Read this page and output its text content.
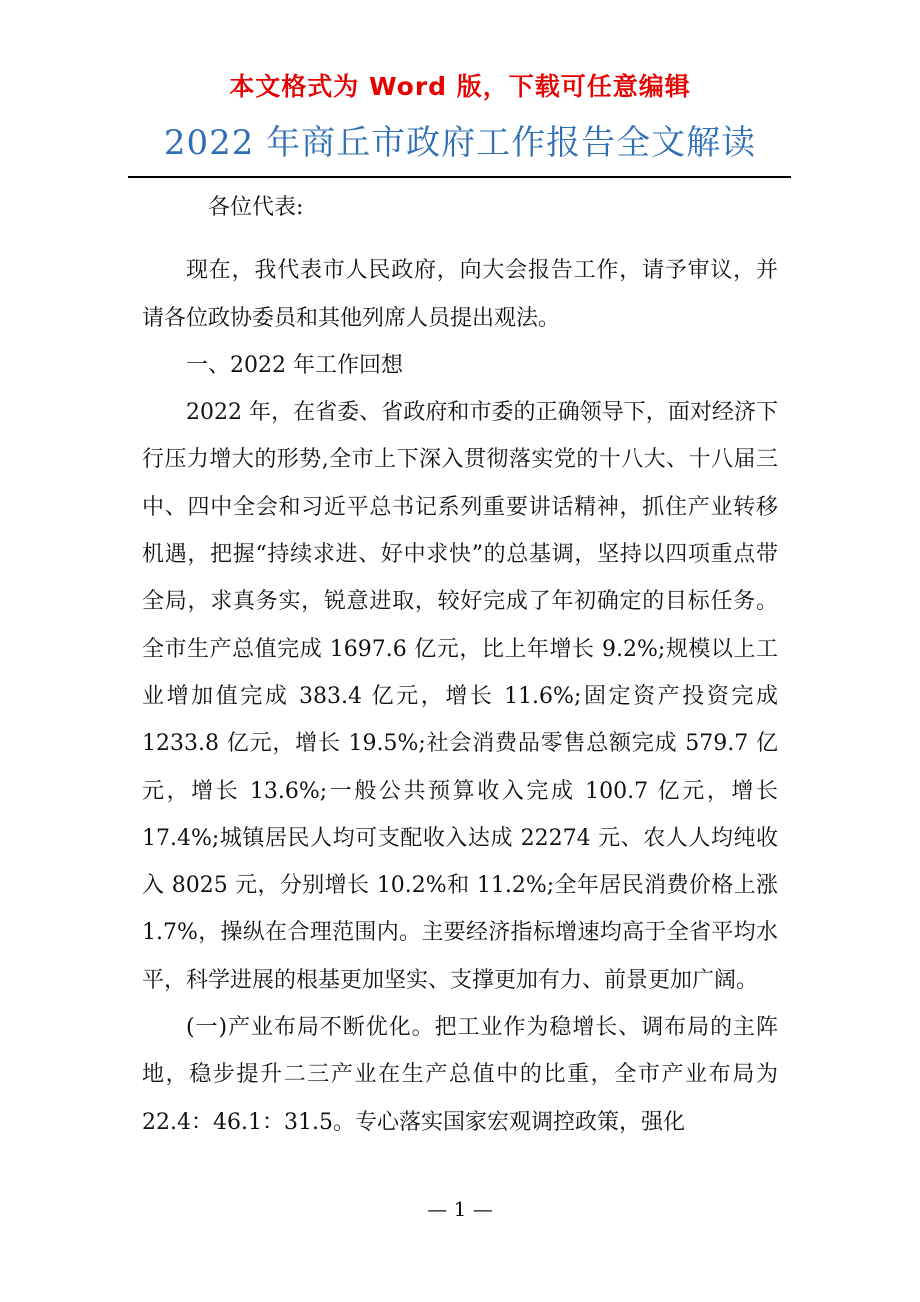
本文格式为 Word 版，下载可任意编辑
2022 年商丘市政府工作报告全文解读

各位代表:

现在，我代表市人民政府，向大会报告工作，请予审议，并请各位政协委员和其他列席人员提出观法。

一、2022 年工作回想

2022 年，在省委、省政府和市委的正确领导下，面对经济下行压力增大的形势,全市上下深入贯彻落实党的十八大、十八届三中、四中全会和习近平总书记系列重要讲话精神，抓住产业转移机遇，把握“持续求进、好中求快”的总基调，坚持以四项重点带全局，求真务实，锐意进取，较好完成了年初确定的目标任务。全市生产总值完成 1697.6 亿元，比上年增长 9.2%;规模以上工业增加值完成 383.4 亿元，增长 11.6%;固定资产投资完成 1233.8 亿元，增长 19.5%;社会消费品零售总额完成 579.7 亿元，增长 13.6%;一般公共预算收入完成 100.7 亿元，增长 17.4%;城镇居民人均可支配收入达成 22274 元、农人人均纯收入 8025 元，分别增长 10.2%和 11.2%;全年居民消费价格上涨 1.7%，操纵在合理范围内。主要经济指标增速均高于全省平均水平，科学进展的根基更加坚实、支撑更加有力、前景更加广阔。

(一)产业布局不断优化。把工业作为稳增长、调布局的主阵地，稳步提升二三产业在生产总值中的比重，全市产业布局为 22.4：46.1：31.5。专心落实国家宏观调控政策，强化

— 1 —
